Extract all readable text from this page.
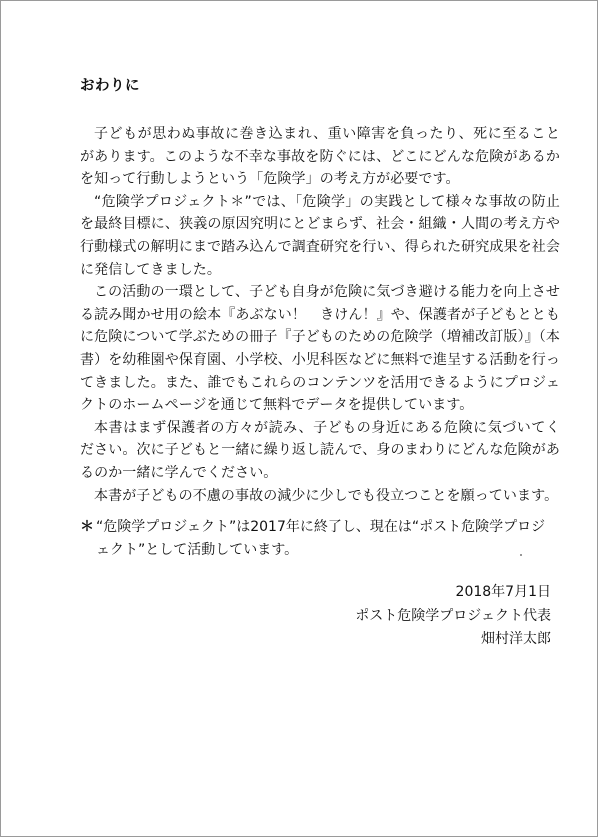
おわりに

子どもが思わぬ事故に巻き込まれ、重い障害を負ったり、死に至ることがあります。このような不幸な事故を防ぐには、どこにどんな危険があるかを知って行動しようという「危険学」の考え方が必要です。

“危険学プロジェクト＊”では、「危険学」の実践として様々な事故の防止を最終目標に、狭義の原因究明にとどまらず、社会・組織・人間の考え方や行動様式の解明にまで踏み込んで調査研究を行い、得られた研究成果を社会に発信してきました。

この活動の一環として、子ども自身が危険に気づき避ける能力を向上させる読み聞かせ用の絵本『あぶない！　きけん！』や、保護者が子どもとともに危険について学ぶための冊子『子どものための危険学（増補改訂版）』（本書）を幼稚園や保育園、小学校、小児科医などに無料で進呈する活動を行ってきました。また、誰でもこれらのコンテンツを活用できるようにプロジェクトのホームページを通じて無料でデータを提供しています。

本書はまず保護者の方々が読み、子どもの身近にある危険に気づいてください。次に子どもと一緒に繰り返し読んで、身のまわりにどんな危険があるのか一緒に学んでください。

本書が子どもの不慮の事故の減少に少しでも役立つことを願っています。

＊ “危険学プロジェクト”は2017年に終了し、現在は“ポスト危険学プロジェクト”として活動しています。
2018年7月1日
ポスト危険学プロジェクト代表
畑村洋太郎
